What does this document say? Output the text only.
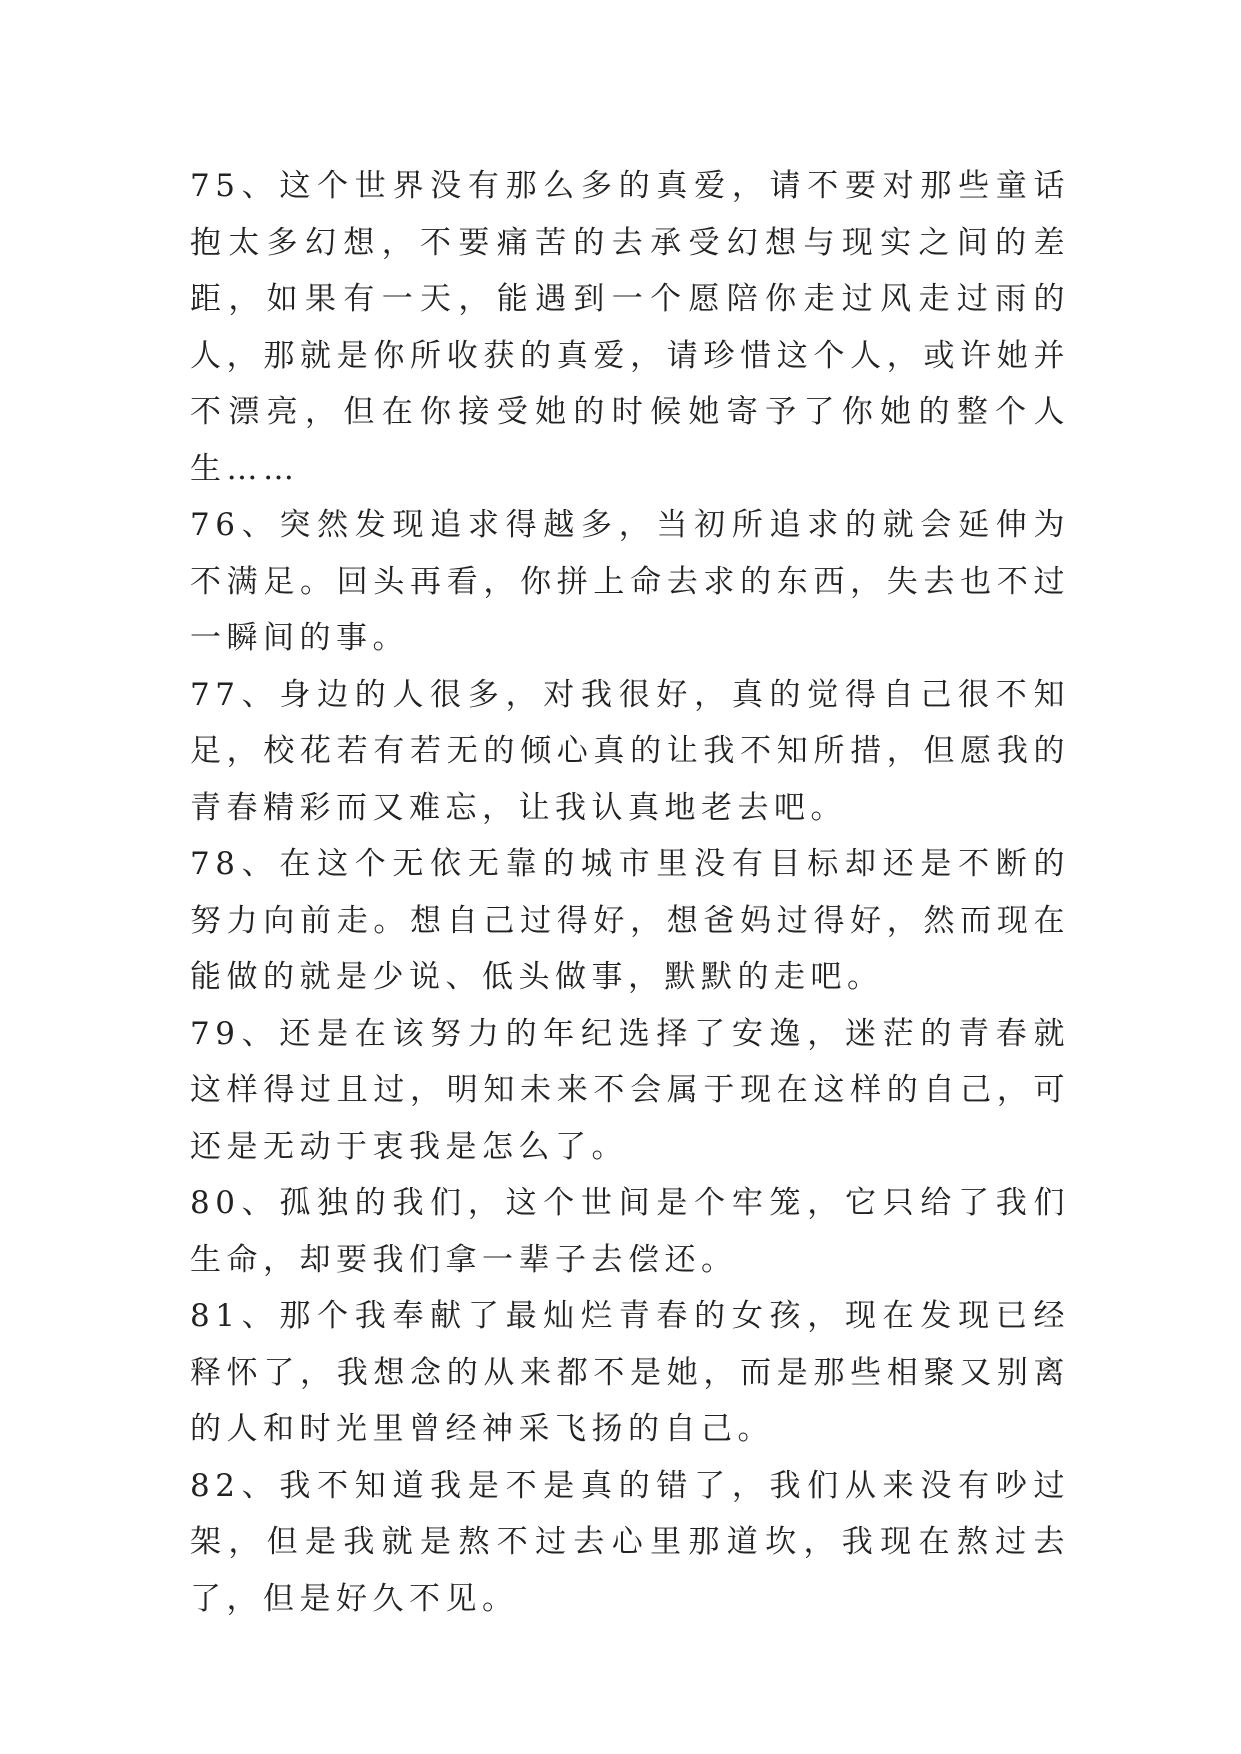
75、这个世界没有那么多的真爱，请不要对那些童话抱太多幻想，不要痛苦的去承受幻想与现实之间的差距，如果有一天，能遇到一个愿陪你走过风走过雨的人，那就是你所收获的真爱，请珍惜这个人，或许她并不漂亮，但在你接受她的时候她寄予了你她的整个人生……

76、突然发现追求得越多，当初所追求的就会延伸为不满足。回头再看，你拼上命去求的东西，失去也不过一瞬间的事。

77、身边的人很多，对我很好，真的觉得自己很不知足，校花若有若无的倾心真的让我不知所措，但愿我的青春精彩而又难忘，让我认真地老去吧。

78、在这个无依无靠的城市里没有目标却还是不断的努力向前走。想自己过得好，想爸妈过得好，然而现在能做的就是少说、低头做事，默默的走吧。

79、还是在该努力的年纪选择了安逸，迷茫的青春就这样得过且过，明知未来不会属于现在这样的自己，可还是无动于衷我是怎么了。

80、孤独的我们，这个世间是个牢笼，它只给了我们生命，却要我们拿一辈子去偿还。

81、那个我奉献了最灿烂青春的女孩，现在发现已经释怀了，我想念的从来都不是她，而是那些相聚又别离的人和时光里曾经神采飞扬的自己。

82、我不知道我是不是真的错了，我们从来没有吵过架，但是我就是熬不过去心里那道坎，我现在熬过去了，但是好久不见。
